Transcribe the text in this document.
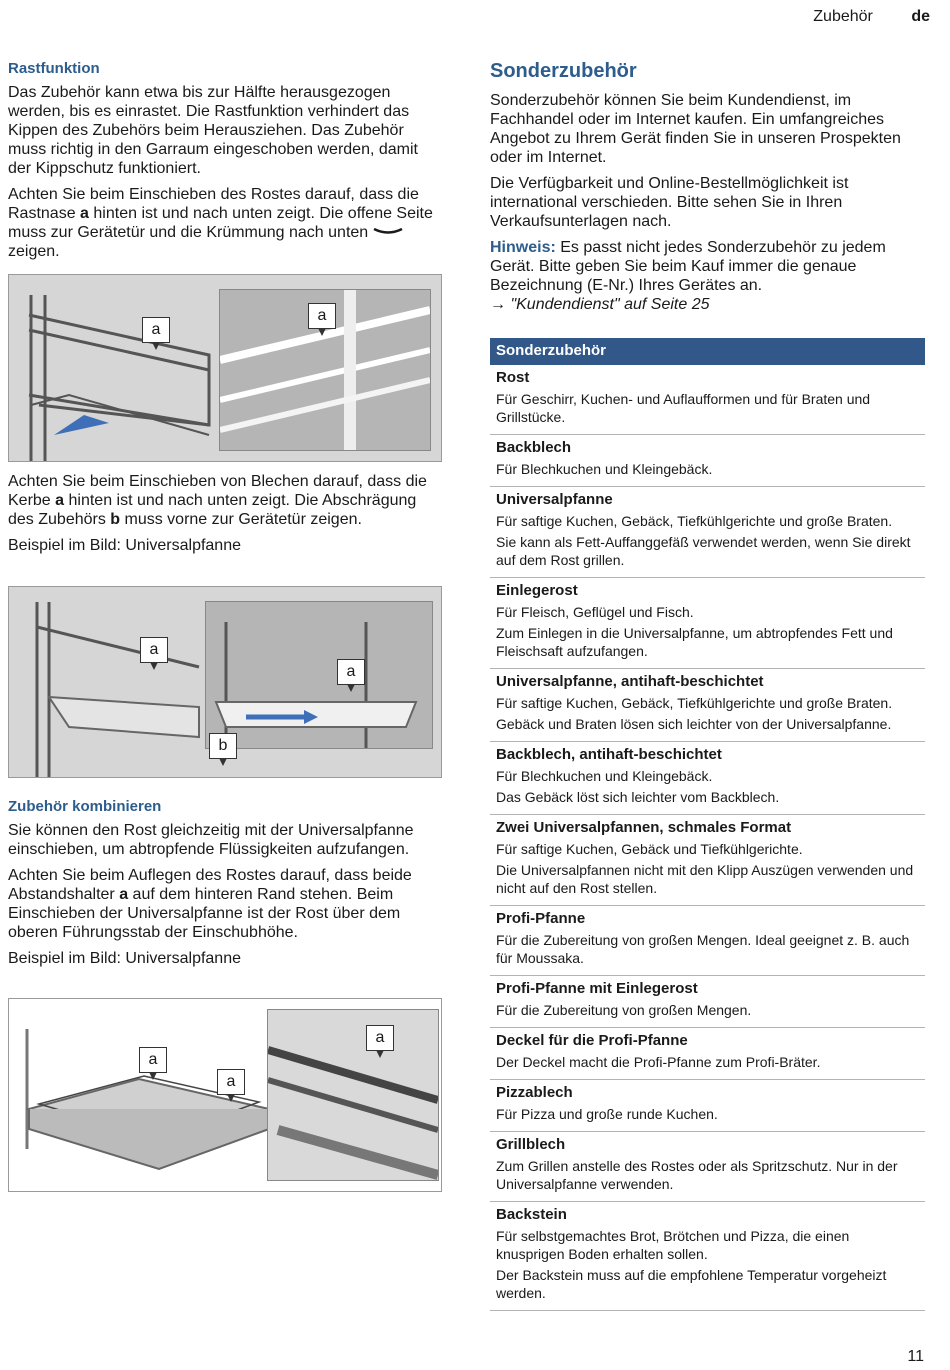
Zubehör de
Rastfunktion

Das Zubehör kann etwa bis zur Hälfte herausgezogen werden, bis es einrastet. Die Rastfunktion verhindert das Kippen des Zubehörs beim Herausziehen. Das Zubehör muss richtig in den Garraum eingeschoben werden, damit der Kippschutz funktioniert.

Achten Sie beim Einschieben des Rostes darauf, dass die Rastnase a hinten ist und nach unten zeigt. Die offene Seite muss zur Gerätetür und die Krümmung nach unten  zeigen.

a
a

Achten Sie beim Einschieben von Blechen darauf, dass die Kerbe a hinten ist und nach unten zeigt. Die Abschrägung des Zubehörs b muss vorne zur Gerätetür zeigen.

Beispiel im Bild: Universalpfanne

a
a
b
Zubehör kombinieren

Sie können den Rost gleichzeitig mit der Universalpfanne einschieben, um abtropfende Flüssigkeiten aufzufangen.

Achten Sie beim Auflegen des Rostes darauf, dass beide Abstandshalter a auf dem hinteren Rand stehen. Beim Einschieben der Universalpfanne ist der Rost über dem oberen Führungsstab der Einschubhöhe.

Beispiel im Bild: Universalpfanne

a
a
a
Sonderzubehör

Sonderzubehör können Sie beim Kundendienst, im Fachhandel oder im Internet kaufen. Ein umfangreiches Angebot zu Ihrem Gerät finden Sie in unseren Prospekten oder im Internet.

Die Verfügbarkeit und Online-Bestellmöglichkeit ist international verschieden. Bitte sehen Sie in Ihren Verkaufsunterlagen nach.

Hinweis: Es passt nicht jedes Sonderzubehör zu jedem Gerät. Bitte geben Sie beim Kauf immer die genaue Bezeichnung (E-Nr.) Ihres Gerätes an.

→ "Kundendienst" auf Seite 25

Sonderzubehör
Rost
Für Geschirr, Kuchen- und Auflaufformen und für Braten und Grillstücke.
Backblech
Für Blechkuchen und Kleingebäck.
Universalpfanne
Für saftige Kuchen, Gebäck, Tiefkühlgerichte und große Braten.
Sie kann als Fett-Auffanggefäß verwendet werden, wenn Sie direkt auf dem Rost grillen.
Einlegerost
Für Fleisch, Geflügel und Fisch.
Zum Einlegen in die Universalpfanne, um abtropfendes Fett und Fleischsaft aufzufangen.
Universalpfanne, antihaft-beschichtet
Für saftige Kuchen, Gebäck, Tiefkühlgerichte und große Braten.
Gebäck und Braten lösen sich leichter von der Universalpfanne.
Backblech, antihaft-beschichtet
Für Blechkuchen und Kleingebäck.
Das Gebäck löst sich leichter vom Backblech.
Zwei Universalpfannen, schmales Format
Für saftige Kuchen, Gebäck und Tiefkühlgerichte.
Die Universalpfannen nicht mit den Klipp Auszügen verwenden und nicht auf den Rost stellen.
Profi-Pfanne
Für die Zubereitung von großen Mengen. Ideal geeignet z. B. auch für Moussaka.
Profi-Pfanne mit Einlegerost
Für die Zubereitung von großen Mengen.
Deckel für die Profi-Pfanne
Der Deckel macht die Profi-Pfanne zum Profi-Bräter.
Pizzablech
Für Pizza und große runde Kuchen.
Grillblech
Zum Grillen anstelle des Rostes oder als Spritzschutz. Nur in der Universalpfanne verwenden.
Backstein
Für selbstgemachtes Brot, Brötchen und Pizza, die einen knusprigen Boden erhalten sollen.
Der Backstein muss auf die empfohlene Temperatur vorgeheizt werden.
11
